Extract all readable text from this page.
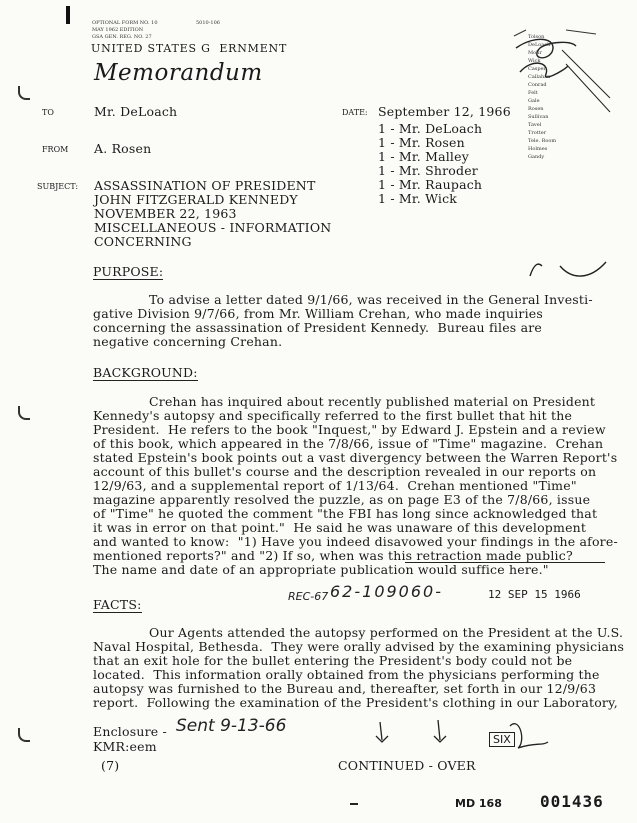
OPTIONAL FORM NO. 10
MAY 1962 EDITION
GSA GEN. REG. NO. 27
5010-106
UNITED STATES G  ERNMENT
Memorandum
TO	Mr. DeLoach
FROM A. Rosen
SUBJECT: ASSASSINATION OF PRESIDENT
JOHN FITZGERALD KENNEDY
NOVEMBER 22, 1963
MISCELLANEOUS - INFORMATION
CONCERNING
DATE: September 12, 1966
1 - Mr. DeLoach
1 - Mr. Rosen
1 - Mr. Malley
1 - Mr. Shroder
1 - Mr. Raupach
1 - Mr. Wick
Tolson
DeLoach
Mohr
Wick
Casper
Callahan
Conrad
Felt
Gale
Rosen
Sullivan
Tavel
Trotter
Tele. Room
Holmes
Gandy
PURPOSE:
To advise a letter dated 9/1/66, was received in the General Investi-
gative Division 9/7/66, from Mr. William Crehan, who made inquiries
concerning the assassination of President Kennedy.  Bureau files are
negative concerning Crehan.
BACKGROUND:
Crehan has inquired about recently published material on President
Kennedy's autopsy and specifically referred to the first bullet that hit the
President.  He refers to the book "Inquest," by Edward J. Epstein and a review
of this book, which appeared in the 7/8/66, issue of "Time" magazine.  Crehan
stated Epstein's book points out a vast divergency between the Warren Report's
account of this bullet's course and the description revealed in our reports on
12/9/63, and a supplemental report of 1/13/64.  Crehan mentioned "Time"
magazine apparently resolved the puzzle, as on page E3 of the 7/8/66, issue
of "Time" he quoted the comment "the FBI has long since acknowledged that
it was in error on that point."  He said he was unaware of this development
and wanted to know:  "1) Have you indeed disavowed your findings in the afore-
mentioned reports?" and "2) If so, when was this retraction made public?
The name and date of an appropriate publication would suffice here."
FACTS:
REC-67 62-109060-	12 SEP 15 1966
Our Agents attended the autopsy performed on the President at the U.S.
Naval Hospital, Bethesda.  They were orally advised by the examining physicians
that an exit hole for the bullet entering the President's body could not be
located.  This information orally obtained from the physicians performing the
autopsy was furnished to the Bureau and, thereafter, set forth in our 12/9/63
report.  Following the examination of the President's clothing in our Laboratory,
Enclosure - Sent 9-13-66
KMR:eem
(7)	CONTINUED - OVER
SIX
MD 168 001436
